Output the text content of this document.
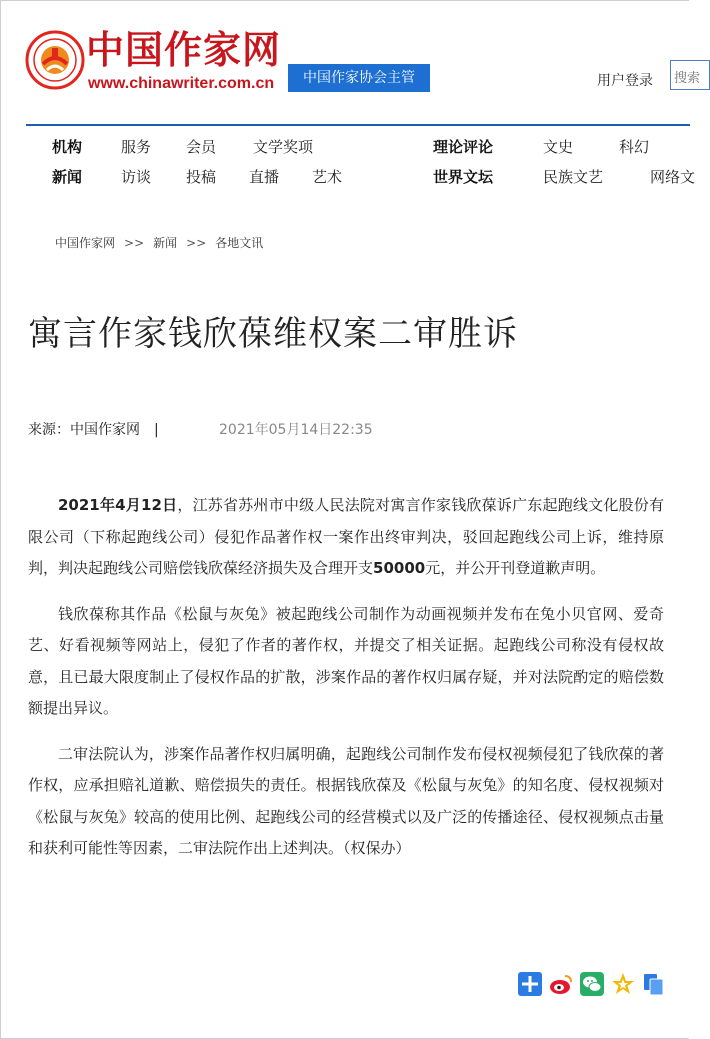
中国作家网
www.chinawriter.com.cn	中国作家协会主管	用户登录	搜索
机构	服务 会员 文学奖项
新闻	访谈 投稿 直播 艺术
理论评论	文史	科幻
世界文坛	民族文艺	网络文
中国作家网 >> 新闻 >> 各地文讯
寓言作家钱欣葆维权案二审胜诉
来源：中国作家网 |	2021年05月14日22:35

2021年4月12日，江苏省苏州市中级人民法院对寓言作家钱欣葆诉广东起跑线文化股份有限公司（下称起跑线公司）侵犯作品著作权一案作出终审判决，驳回起跑线公司上诉，维持原判，判决起跑线公司赔偿钱欣葆经济损失及合理开支50000元，并公开刊登道歉声明。

钱欣葆称其作品《松鼠与灰兔》被起跑线公司制作为动画视频并发布在兔小贝官网、爱奇艺、好看视频等网站上，侵犯了作者的著作权，并提交了相关证据。起跑线公司称没有侵权故意，且已最大限度制止了侵权作品的扩散，涉案作品的著作权归属存疑，并对法院酌定的赔偿数额提出异议。

二审法院认为，涉案作品著作权归属明确，起跑线公司制作发布侵权视频侵犯了钱欣葆的著作权，应承担赔礼道歉、赔偿损失的责任。根据钱欣葆及《松鼠与灰兔》的知名度、侵权视频对《松鼠与灰兔》较高的使用比例、起跑线公司的经营模式以及广泛的传播途径、侵权视频点击量和获利可能性等因素，二审法院作出上述判决。（权保办）
